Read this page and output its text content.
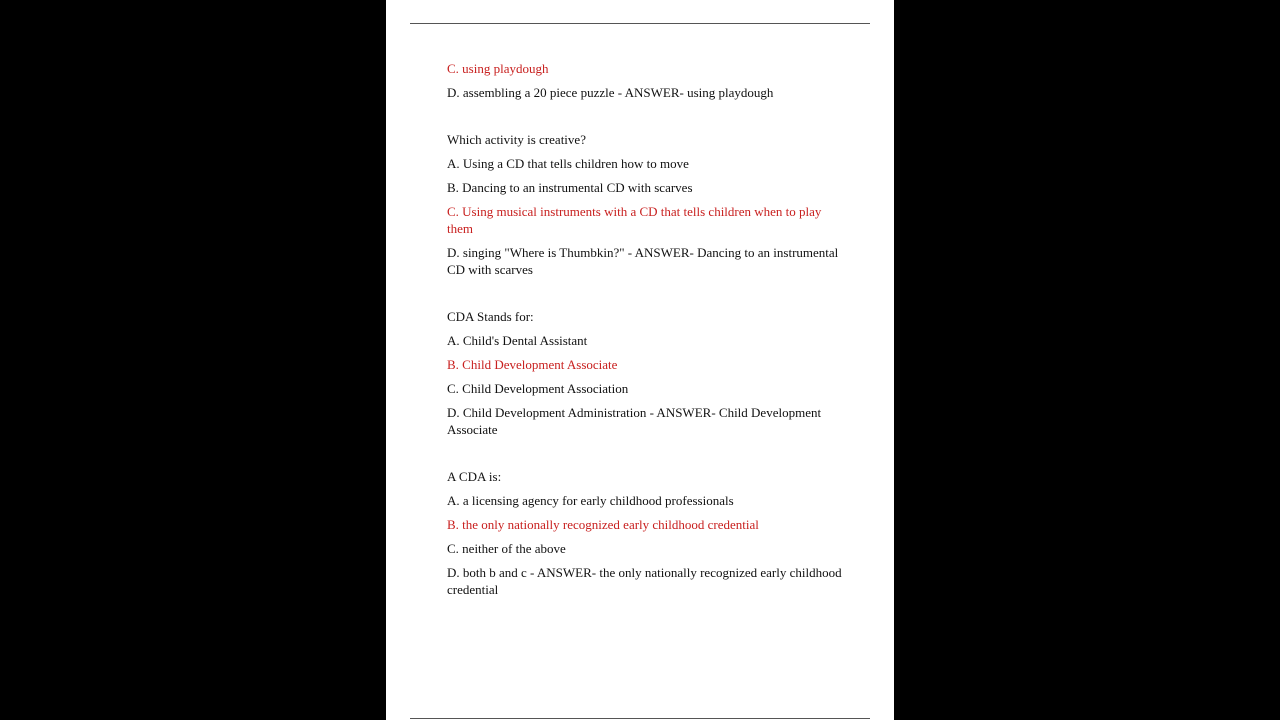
C. using playdough

D. assembling a 20 piece puzzle - ANSWER- using playdough

Which activity is creative?

A. Using a CD that tells children how to move

B. Dancing to an instrumental CD with scarves

C. Using musical instruments with a CD that tells children when to play them

D. singing "Where is Thumbkin?" - ANSWER- Dancing to an instrumental CD with scarves

CDA Stands for:

A. Child's Dental Assistant

B. Child Development Associate

C. Child Development Association

D. Child Development Administration - ANSWER- Child Development Associate

A CDA is:

A. a licensing agency for early childhood professionals

B. the only nationally recognized early childhood credential

C. neither of the above

D. both b and c - ANSWER- the only nationally recognized early childhood credential
